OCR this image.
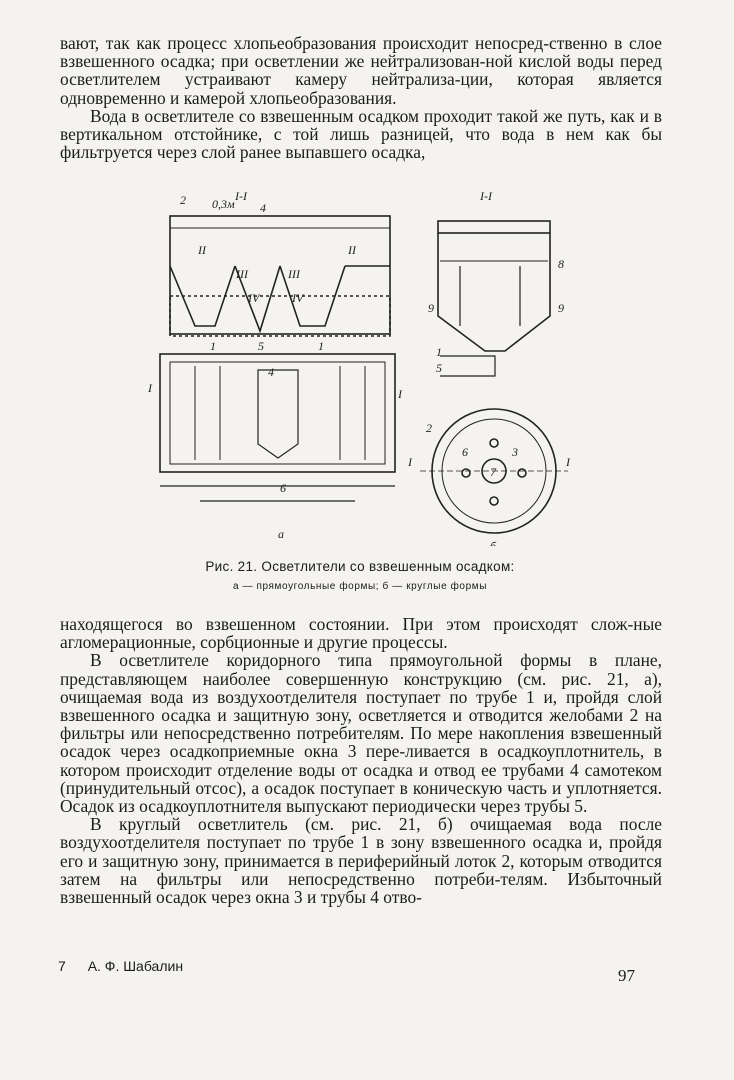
вают, так как процесс хлопьеобразования происходит непосред-ственно в слое взвешенного осадка; при осветлении же нейтрализован-ной кислой воды перед осветлителем устраивают камеру нейтрализа-ции, которая является одновременно и камерой хлопьеобразования.

Вода в осветлителе со взвешенным осадком проходит такой же путь, как и в вертикальном отстойнике, с той лишь разницей, что вода в нем как бы фильтруется через слой ранее выпавшего осадка,

I-I
0,3м
2
4
II
III	III
II
IV	IV
1	5	1
I	I
4
6
а
I-I
8
9
9
1
5
7
2
6	3
I	I
б
Рис. 21. Осветлители со взвешенным осадком:
а — прямоугольные формы; б — круглые формы

находящегося во взвешенном состоянии. При этом происходят слож-ные агломерационные, сорбционные и другие процессы.

В осветлителе коридорного типа прямоугольной формы в плане, представляющем наиболее совершенную конструкцию (см. рис. 21, а), очищаемая вода из воздухоотделителя поступает по трубе 1 и, пройдя слой взвешенного осадка и защитную зону, осветляется и отводится желобами 2 на фильтры или непосредственно потребителям. По мере накопления взвешенный осадок через осадкоприемные окна 3 пере-ливается в осадкоуплотнитель, в котором происходит отделение воды от осадка и отвод ее трубами 4 самотеком (принудительный отсос), а осадок поступает в коническую часть и уплотняется. Осадок из осадкоуплотнителя выпускают периодически через трубы 5.

В круглый осветлитель (см. рис. 21, б) очищаемая вода после воздухоотделителя поступает по трубе 1 в зону взвешенного осадка и, пройдя его и защитную зону, принимается в периферийный лоток 2, которым отводится затем на фильтры или непосредственно потреби-телям. Избыточный взвешенный осадок через окна 3 и трубы 4 отво-

7 А. Ф. Шабалин	97
